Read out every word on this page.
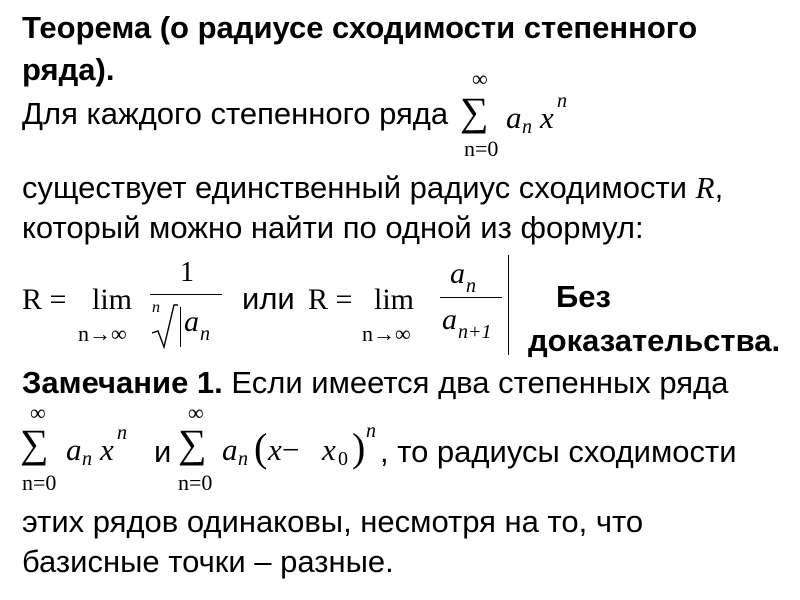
Теорема (о радиусе сходимости степенного
ряда).
Для каждого степенного ряда
∞
∑
n=0
a n x n
существует единственный радиус сходимости R,
который можно найти по одной из формул:
R = lim
n→∞
1
n a n
или R = lim
n→∞
a n
a n+1
Без
доказательства.
Замечание 1. Если имеется два степенных ряда
∞
∑
n=0
a n x n
и
∞
∑
n=0
a n ( x − x 0 ) n
, то радиусы сходимости
этих рядов одинаковы, несмотря на то, что
базисные точки – разные.
